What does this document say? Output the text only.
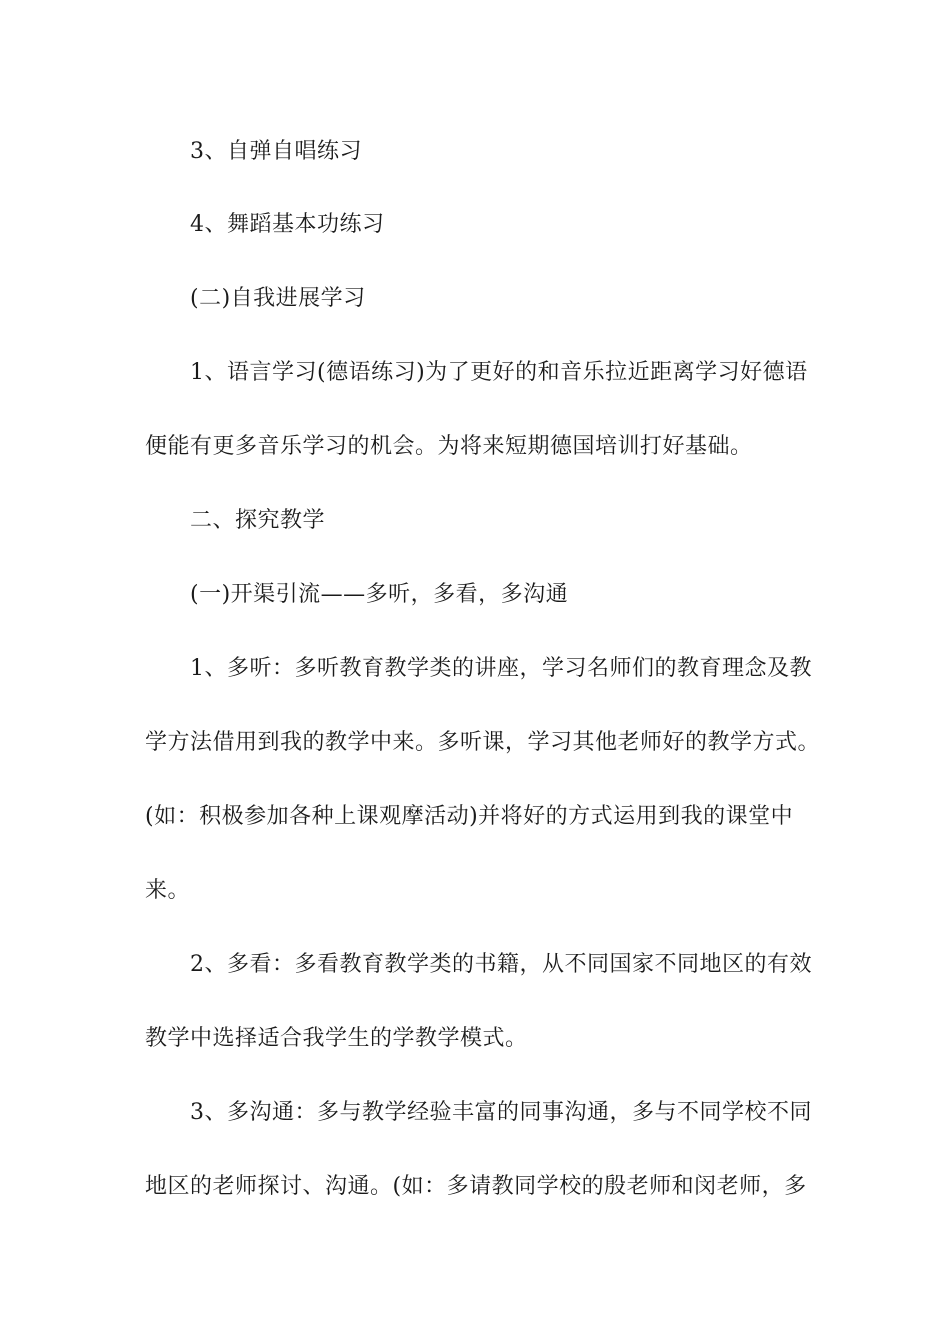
3、自弹自唱练习
4、舞蹈基本功练习
(二)自我进展学习
1、语言学习(德语练习)为了更好的和音乐拉近距离学习好德语
便能有更多音乐学习的机会。为将来短期德国培训打好基础。
二、探究教学
(一)开渠引流——多听，多看，多沟通
1、多听：多听教育教学类的讲座，学习名师们的教育理念及教
学方法借用到我的教学中来。多听课，学习其他老师好的教学方式。
(如：积极参加各种上课观摩活动)并将好的方式运用到我的课堂中
来。
2、多看：多看教育教学类的书籍，从不同国家不同地区的有效
教学中选择适合我学生的学教学模式。
3、多沟通：多与教学经验丰富的同事沟通，多与不同学校不同
地区的老师探讨、沟通。(如：多请教同学校的殷老师和闵老师，多
